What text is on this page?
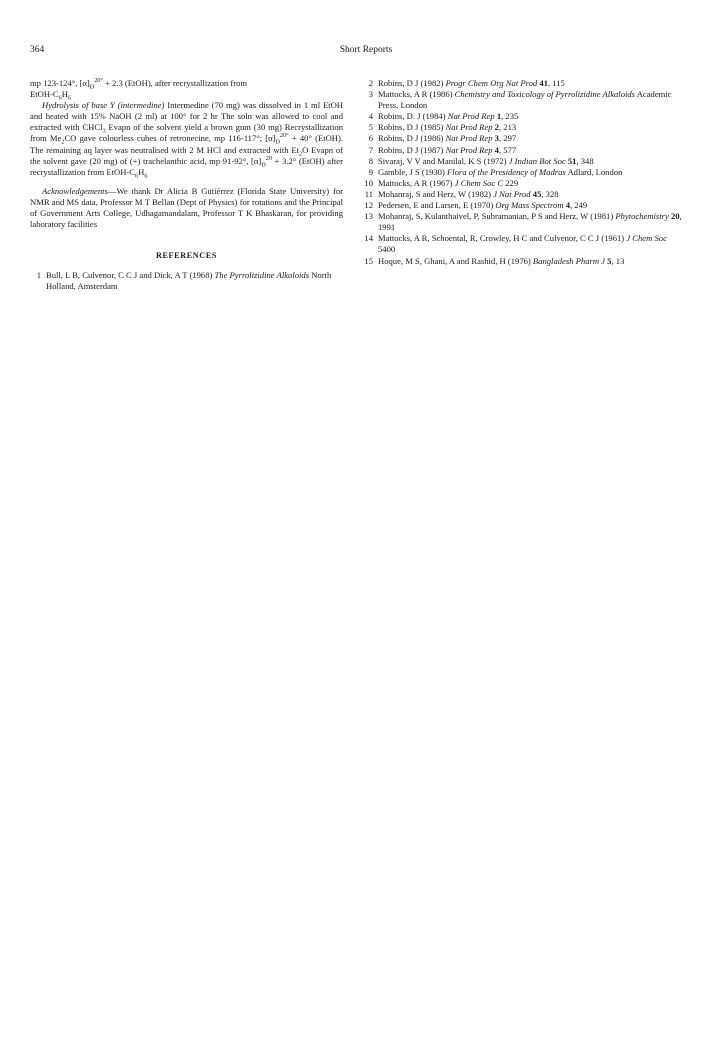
364	Short Reports

mp 123-124°, $[\alpha]_D^{20^\circ} + 2.3$ (EtOH), after recrystallization from
EtOH-$C_6H_6$

Hydrolysis of base Y (intermedine) Intermedine (70 mg) was dissolved in 1 ml EtOH and heated with 15% NaOH (2 ml) at 100° for 2 hr The soln was allowed to cool and extracted with CHCl$_3$ Evapn of the solvent yield a brown gum (30 mg) Recrystallization from $Me_2CO$ gave colourless cubes of retronecine, mp 116-117°; $[\alpha]_D^{20^\circ} + 40^\circ$ (EtOH). The remaining aq layer was neutralised with 2 M HCl and extracted with $Et_2O$ Evapn of the solvent gave (20 mg) of (+) trachelanthic acid, mp 91-92°, $[\alpha]_D^{20} + 3.2^\circ$ (EtOH) after recrystallization from EtOH-$C_6H_6$

Acknowledgements—We thank Dr Alicia B Gutiérrez (Florida State University) for NMR and MS data, Professor M T Bellan (Dept of Physics) for rotations and the Principal of Government Arts College, Udhagamandalam, Professor T K Bhaskaran, for providing laboratory facilities

REFERENCES

1 Bull, L B, Culvenor, C C J and Dick, A T (1968) The Pyrrolizidine Alkaloids North Holland, Amsterdam

2 Robins, D J (1982) Progr Chem Org Nat Prod 41, 115

3 Mattocks, A R (1986) Chemistry and Toxicology of Pyrrolizidine Alkaloids Academic Press, London

4 Robins, D. J (1984) Nat Prod Rep 1, 235

5 Robins, D J (1985) Nat Prod Rep 2, 213

6 Robins, D J (1986) Nat Prod Rep 3, 297

7 Robins, D J (1987) Nat Prod Rep 4, 577

8 Sivaraj, V V and Manilal, K S (1972) J Indian Bot Soc 51, 348

9 Gamble, J S (1930) Flora of the Presidency of Madras Adlard, London

10 Mattocks, A R (1967) J Chem Soc C 229

11 Mohanraj, S and Herz, W (1982) J Nat Prod 45, 328

12 Pedersen, E and Larsen, E (1970) Org Mass Spectrom 4, 249

13 Mohanraj, S, Kulanthaivel, P, Subramanian, P S and Herz, W (1981) Phytochemistry 20, 1991

14 Mattocks, A R, Schoental, R, Crowley, H C and Culvenor, C C J (1961) J Chem Soc 5400

15 Hoque, M S, Ghani, A and Rashid, H (1976) Bangladesh Pharm J 5, 13
